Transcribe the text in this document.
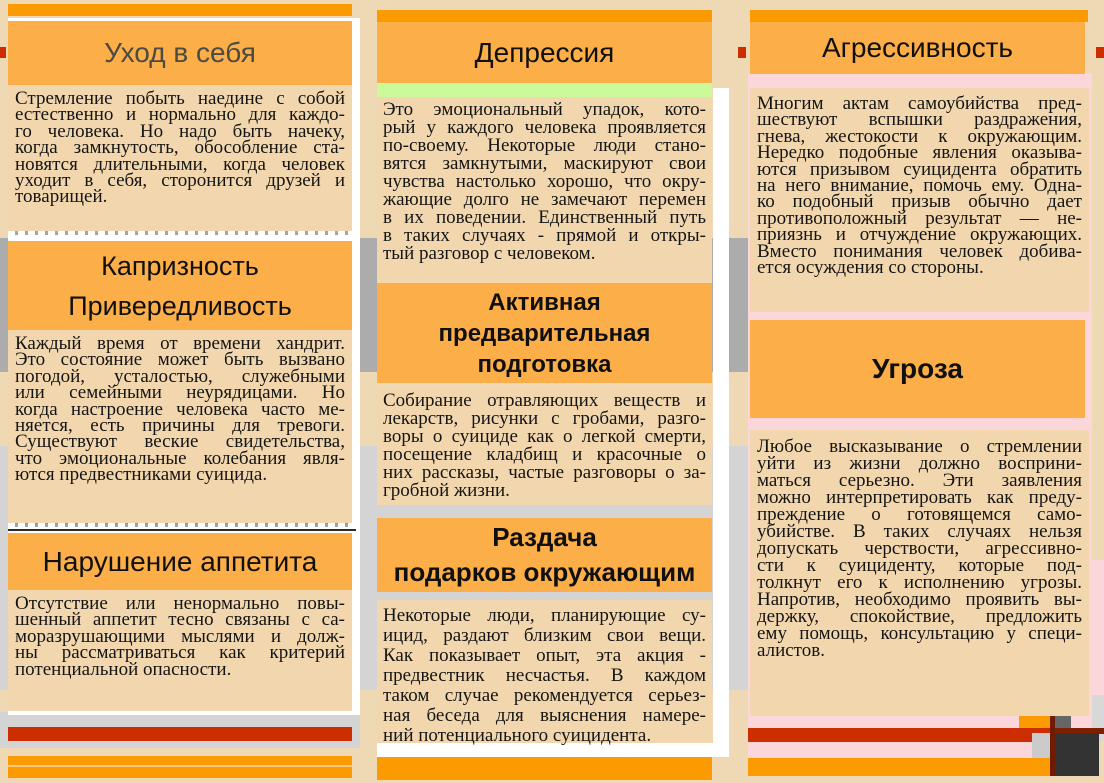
Уход в себя
Стремление побыть наедине с собой
естественно и нормально для каждо-
го человека. Но надо быть начеку,
когда замкнутость, обособление ста-
новятся длительными, когда человек
уходит в себя, сторонится друзей и
товарищей.
Капризность
Привередливость
Каждый время от времени хандрит.
Это состояние может быть вызвано
погодой, усталостью, служебными
или семейными неурядицами. Но
когда настроение человека часто ме-
няется, есть причины для тревоги.
Существуют веские свидетельства,
что эмоциональные колебания явля-
ются предвестниками суицида.
Нарушение аппетита
Отсутствие или ненормально повы-
шенный аппетит тесно связаны с са-
моразрушающими мыслями и долж-
ны рассматриваться как критерий
потенциальной опасности.
Депрессия
Это эмоциональный упадок, кото-
рый у каждого человека проявляется
по-своему. Некоторые люди стано-
вятся замкнутыми, маскируют свои
чувства настолько хорошо, что окру-
жающие долго не замечают перемен
в их поведении. Единственный путь
в таких случаях - прямой и откры-
тый разговор с человеком.
Активная
предварительная
подготовка
Собирание отравляющих веществ и
лекарств, рисунки с гробами, разго-
воры о суициде как о легкой смерти,
посещение кладбищ и красочные о
них рассказы, частые разговоры о за-
гробной жизни.
Раздача
подарков окружающим
Некоторые люди, планирующие су-
ицид, раздают близким свои вещи.
Как показывает опыт, эта акция -
предвестник несчастья. В каждом
таком случае рекомендуется серьез-
ная беседа для выяснения намере-
ний потенциального суицидента.
Агрессивность
Многим актам самоубийства пред-
шествуют вспышки раздражения,
гнева, жестокости к окружающим.
Нередко подобные явления оказыва-
ются призывом суицидента обратить
на него внимание, помочь ему. Одна-
ко подобный призыв обычно дает
противоположный результат — не-
приязнь и отчуждение окружающих.
Вместо понимания человек добива-
ется осуждения со стороны.
Угроза
Любое высказывание о стремлении
уйти из жизни должно восприни-
маться серьезно. Эти заявления
можно интерпретировать как преду-
преждение о готовящемся само-
убийстве. В таких случаях нельзя
допускать черствости, агрессивно-
сти к суициденту, которые под-
толкнут его к исполнению угрозы.
Напротив, необходимо проявить вы-
держку, спокойствие, предложить
ему помощь, консультацию у специ-
алистов.
